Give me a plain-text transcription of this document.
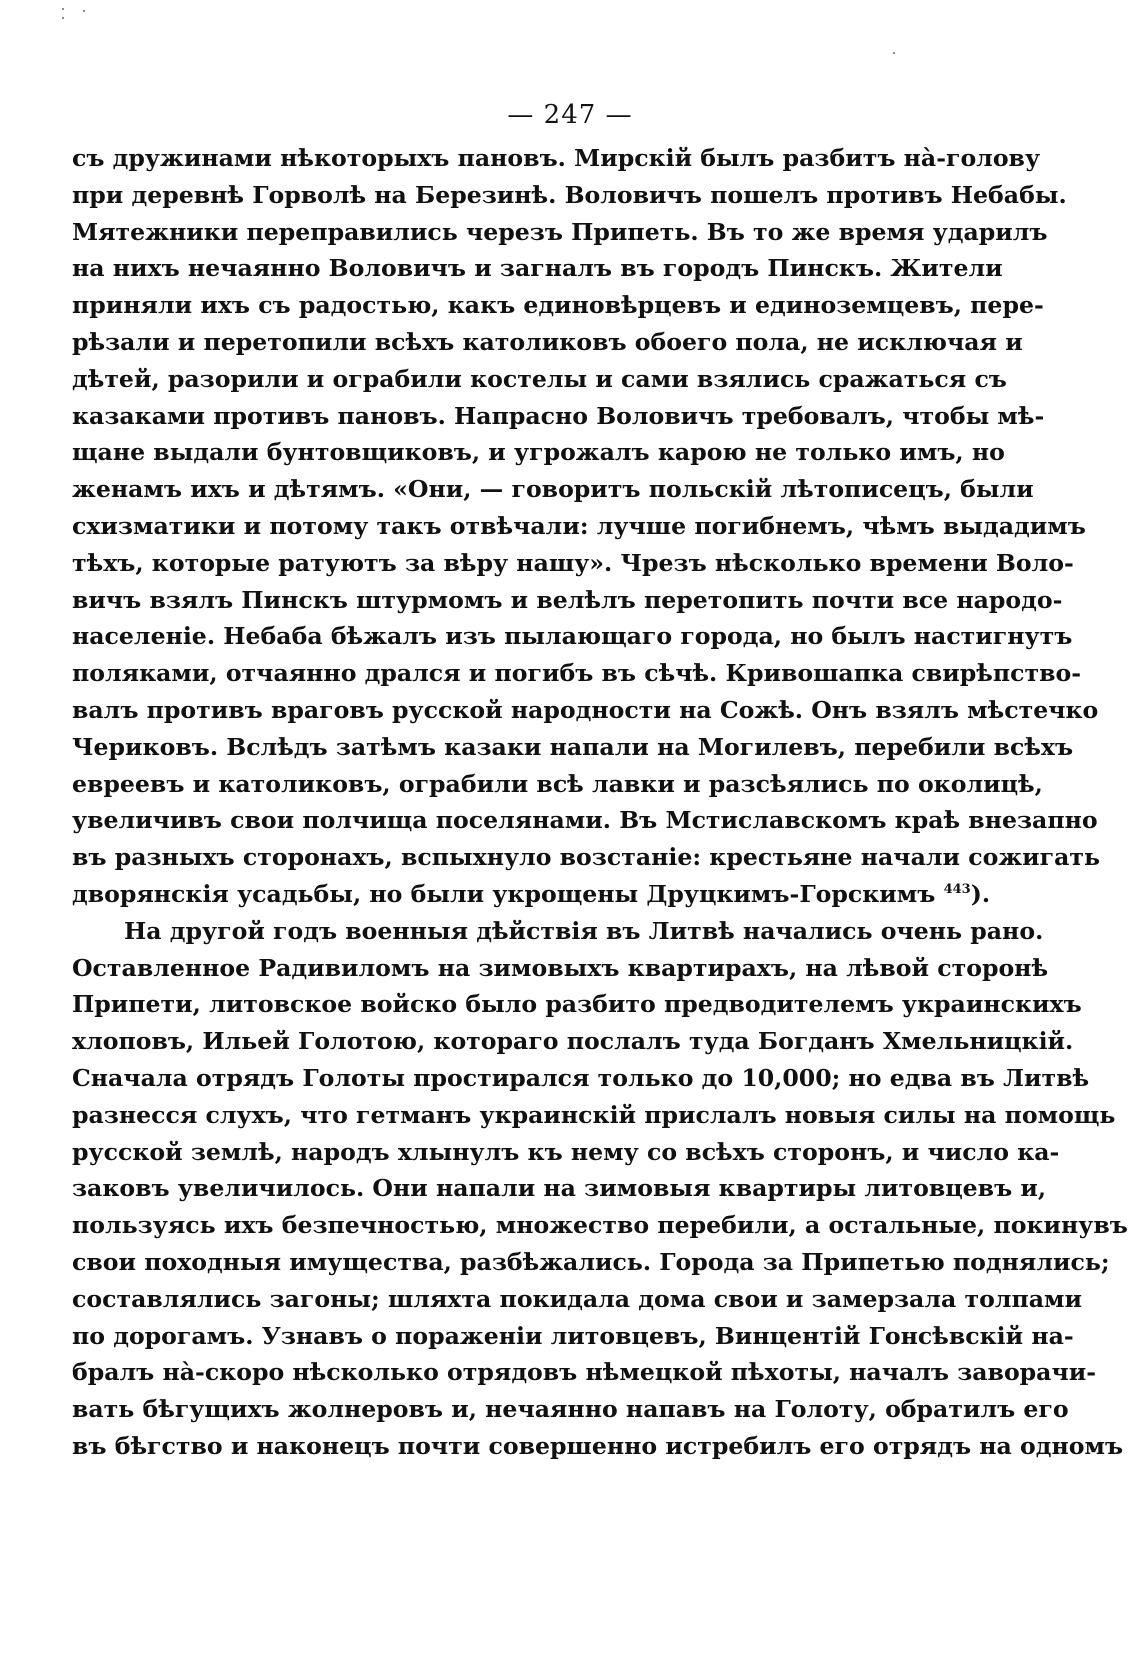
— 247 —
съ дружинами нѣкоторыхъ пановъ. Мирскій былъ разбитъ на̀-голову
при деревнѣ Горволѣ на Березинѣ. Воловичъ пошелъ противъ Небабы.
Мятежники переправились черезъ Припеть. Въ то же время ударилъ
на нихъ нечаянно Воловичъ и загналъ въ городъ Пинскъ. Жители
приняли ихъ съ радостью, какъ единовѣрцевъ и единоземцевъ, пере-
рѣзали и перетопили всѣхъ католиковъ обоего пола, не исключая и
дѣтей, разорили и ограбили костелы и сами взялись сражаться съ
казаками противъ пановъ. Напрасно Воловичъ требовалъ, чтобы мѣ-
щане выдали бунтовщиковъ, и угрожалъ карою не только имъ, но
женамъ ихъ и дѣтямъ. «Они, — говоритъ польскій лѣтописецъ, были
схизматики и потому такъ отвѣчали: лучше погибнемъ, чѣмъ выдадимъ
тѣхъ, которые ратуютъ за вѣру нашу». Чрезъ нѣсколько времени Воло-
вичъ взялъ Пинскъ штурмомъ и велѣлъ перетопить почти все народо-
населеніе. Небаба бѣжалъ изъ пылающаго города, но былъ настигнутъ
поляками, отчаянно дрался и погибъ въ сѣчѣ. Кривошапка свирѣпство-
валъ противъ враговъ русской народности на Сожѣ. Онъ взялъ мѣстечко
Чериковъ. Вслѣдъ затѣмъ казаки напали на Могилевъ, перебили всѣхъ
евреевъ и католиковъ, ограбили всѣ лавки и разсѣялись по околицѣ,
увеличивъ свои полчища поселянами. Въ Мстиславскомъ краѣ внезапно
въ разныхъ сторонахъ, вспыхнуло возстаніе: крестьяне начали сожигать
дворянскія усадьбы, но были укрощены Друцкимъ-Горскимъ $^{443}$).
На другой годъ военныя дѣйствія въ Литвѣ начались очень рано.
Оставленное Радивиломъ на зимовыхъ квартирахъ, на лѣвой сторонѣ
Припети, литовское войско было разбито предводителемъ украинскихъ
хлоповъ, Ильей Голотою, котораго послалъ туда Богданъ Хмельницкій.
Сначала отрядъ Голоты простирался только до 10,000; но едва въ Литвѣ
разнесся слухъ, что гетманъ украинскій прислалъ новыя силы на помощь
русской землѣ, народъ хлынулъ къ нему со всѣхъ сторонъ, и число ка-
заковъ увеличилось. Они напали на зимовыя квартиры литовцевъ и,
пользуясь ихъ безпечностью, множество перебили, а остальные, покинувъ
свои походныя имущества, разбѣжались. Города за Припетью поднялись;
составлялись загоны; шляхта покидала дома свои и замерзала толпами
по дорогамъ. Узнавъ о пораженіи литовцевъ, Винцентій Гонсѣвскій на-
бралъ на̀-скоро нѣсколько отрядовъ нѣмецкой пѣхоты, началъ заворачи-
вать бѣгущихъ жолнеровъ и, нечаянно напавъ на Голоту, обратилъ его
въ бѣгство и наконецъ почти совершенно истребилъ его отрядъ на одномъ
